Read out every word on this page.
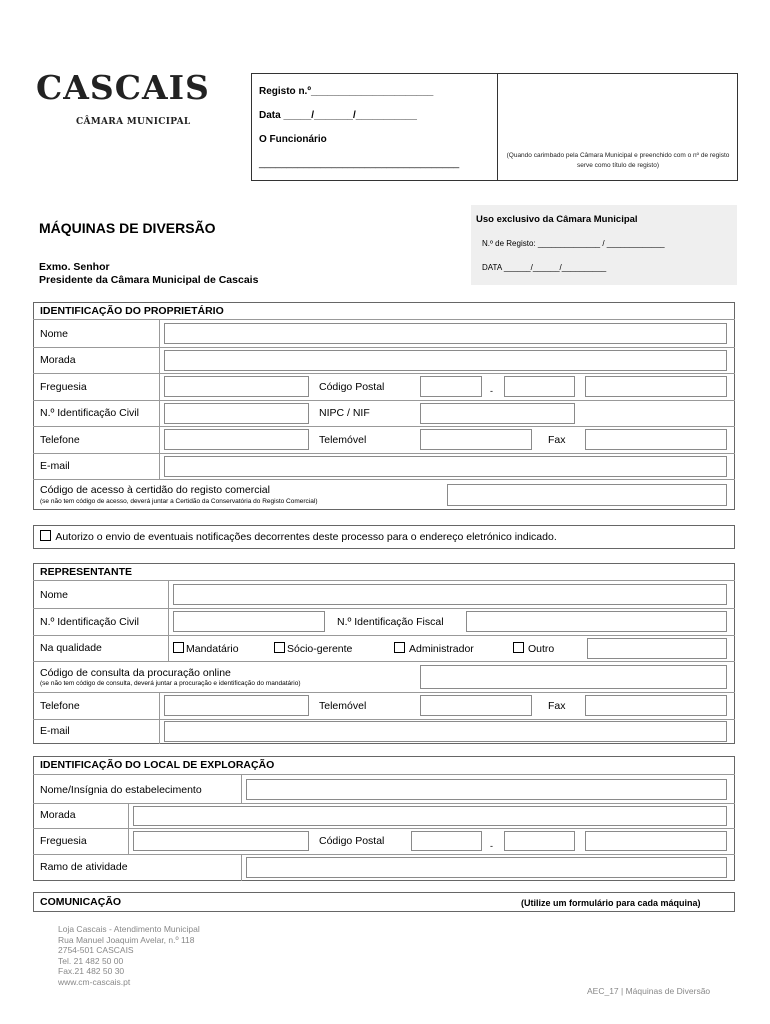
CASCAIS
CÂMARA MUNICIPAL
Registo n.º______________________
Data _____/_______/___________
O Funcionário
____________________________________
(Quando carimbado pela Câmara Municipal e preenchido com o nº de registo serve como título de registo)
MÁQUINAS DE DIVERSÃO
Exmo. Senhor
Presidente da Câmara Municipal de Cascais
Uso exclusivo da Câmara Municipal
N.º de Registo: ______________ / _____________
DATA ______/______/__________
IDENTIFICAÇÃO DO PROPRIETÁRIO
Nome
Morada
Freguesia	Código Postal	-
N.º Identificação Civil	NIPC / NIF
Telefone	Telemóvel	Fax
E-mail
Código de acesso à certidão do registo comercial
(se não tem código de acesso, deverá juntar a Certidão da Conservatória do Registo Comercial)
Autorizo o envio de eventuais notificações decorrentes deste processo para o endereço eletrónico indicado.
REPRESENTANTE
Nome
N.º Identificação Civil	N.º Identificação Fiscal
Na qualidade	Mandatário	Sócio-gerente	Administrador	Outro
Código de consulta da procuração online
(se não tem código de consulta, deverá juntar a procuração e identificação do mandatário)
Telefone	Telemóvel	Fax
E-mail
IDENTIFICAÇÃO DO LOCAL DE EXPLORAÇÃO
Nome/Insígnia do estabelecimento
Morada
Freguesia	Código Postal	-
Ramo de atividade
COMUNICAÇÃO	(Utilize um formulário para cada máquina)
Loja Cascais - Atendimento Municipal
Rua Manuel Joaquim Avelar, n.º 118
2754-501 CASCAIS
Tel. 21 482 50 00
Fax.21 482 50 30
www.cm-cascais.pt
AEC_17 | Máquinas de Diversão
